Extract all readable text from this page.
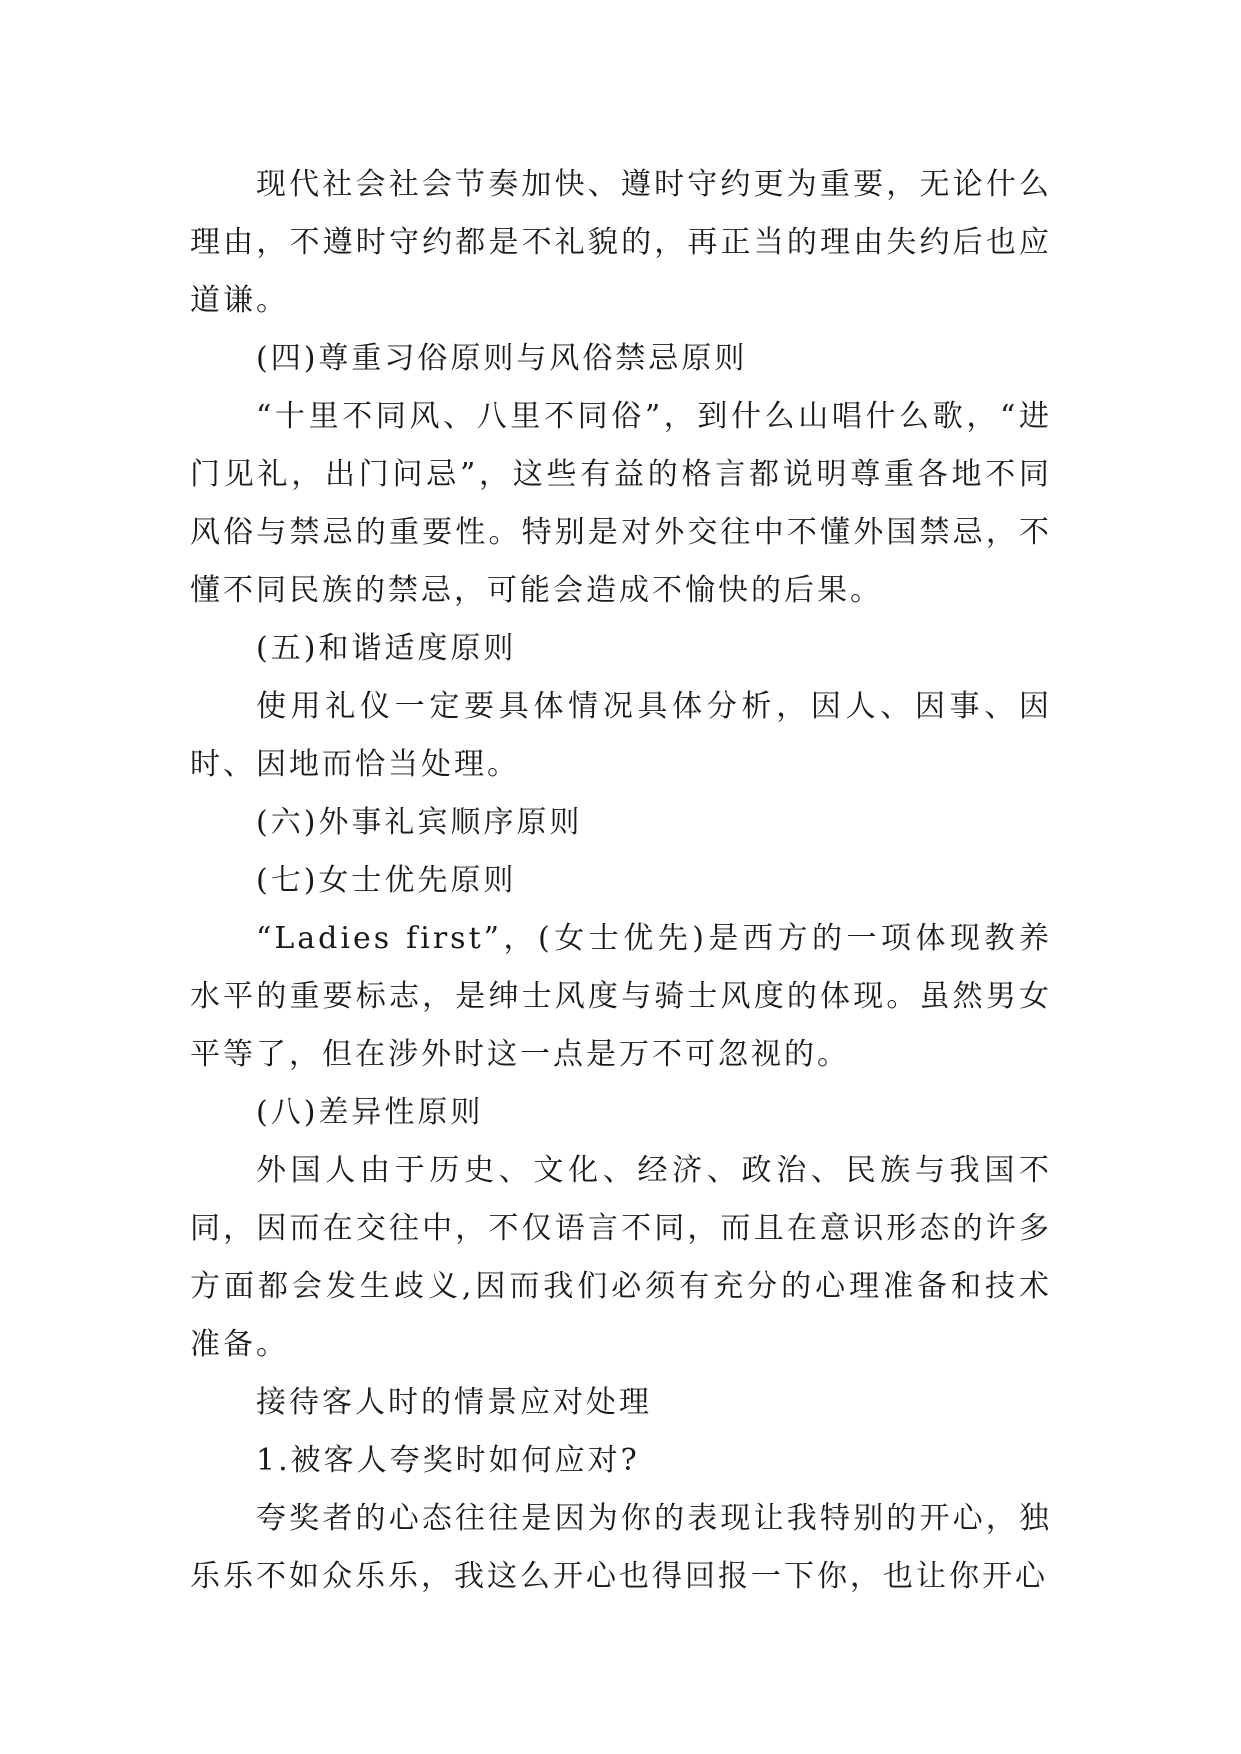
现代社会社会节奏加快、遵时守约更为重要，无论什么理由，不遵时守约都是不礼貌的，再正当的理由失约后也应道谦。

(四)尊重习俗原则与风俗禁忌原则

“十里不同风、八里不同俗”，到什么山唱什么歌，“进门见礼，出门问忌”，这些有益的格言都说明尊重各地不同风俗与禁忌的重要性。特别是对外交往中不懂外国禁忌，不懂不同民族的禁忌，可能会造成不愉快的后果。

(五)和谐适度原则

使用礼仪一定要具体情况具体分析，因人、因事、因时、因地而恰当处理。

(六)外事礼宾顺序原则

(七)女士优先原则

“Ladies first”，(女士优先)是西方的一项体现教养水平的重要标志，是绅士风度与骑士风度的体现。虽然男女平等了，但在涉外时这一点是万不可忽视的。

(八)差异性原则

外国人由于历史、文化、经济、政治、民族与我国不同，因而在交往中，不仅语言不同，而且在意识形态的许多方面都会发生歧义,因而我们必须有充分的心理准备和技术准备。

接待客人时的情景应对处理

1.被客人夸奖时如何应对?

夸奖者的心态往往是因为你的表现让我特别的开心，独乐乐不如众乐乐，我这么开心也得回报一下你，也让你开心
